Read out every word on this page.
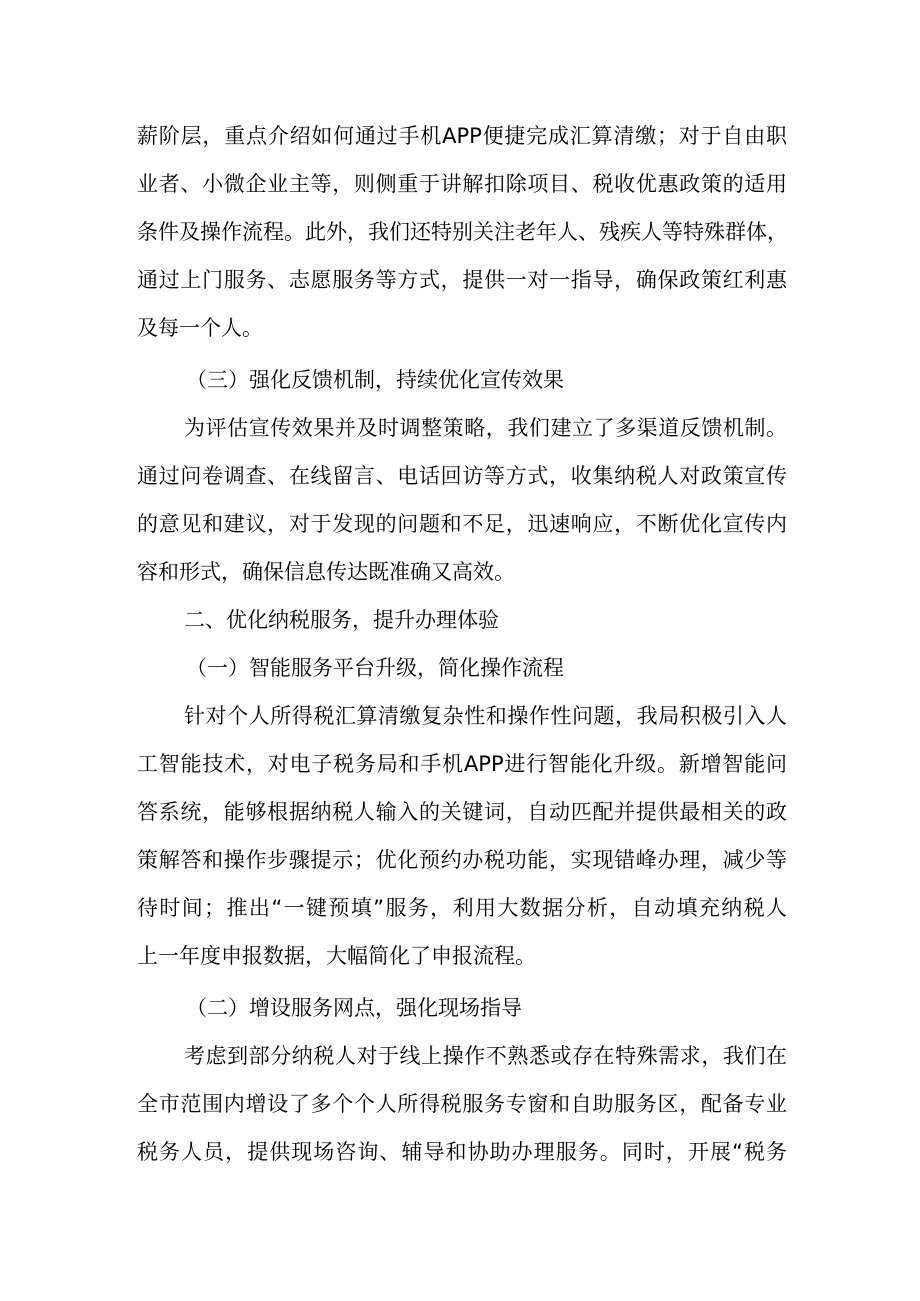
薪阶层，重点介绍如何通过手机APP便捷完成汇算清缴；对于自由职
业者、小微企业主等，则侧重于讲解扣除项目、税收优惠政策的适用
条件及操作流程。此外，我们还特别关注老年人、残疾人等特殊群体，
通过上门服务、志愿服务等方式，提供一对一指导，确保政策红利惠
及每一个人。
（三）强化反馈机制，持续优化宣传效果
为评估宣传效果并及时调整策略，我们建立了多渠道反馈机制。
通过问卷调查、在线留言、电话回访等方式，收集纳税人对政策宣传
的意见和建议，对于发现的问题和不足，迅速响应，不断优化宣传内
容和形式，确保信息传达既准确又高效。
二、优化纳税服务，提升办理体验
（一）智能服务平台升级，简化操作流程
针对个人所得税汇算清缴复杂性和操作性问题，我局积极引入人
工智能技术，对电子税务局和手机APP进行智能化升级。新增智能问
答系统，能够根据纳税人输入的关键词，自动匹配并提供最相关的政
策解答和操作步骤提示；优化预约办税功能，实现错峰办理，减少等
待时间；推出“一键预填”服务，利用大数据分析，自动填充纳税人
上一年度申报数据，大幅简化了申报流程。
（二）增设服务网点，强化现场指导
考虑到部分纳税人对于线上操作不熟悉或存在特殊需求，我们在
全市范围内增设了多个个人所得税服务专窗和自助服务区，配备专业
税务人员，提供现场咨询、辅导和协助办理服务。同时，开展“税务
